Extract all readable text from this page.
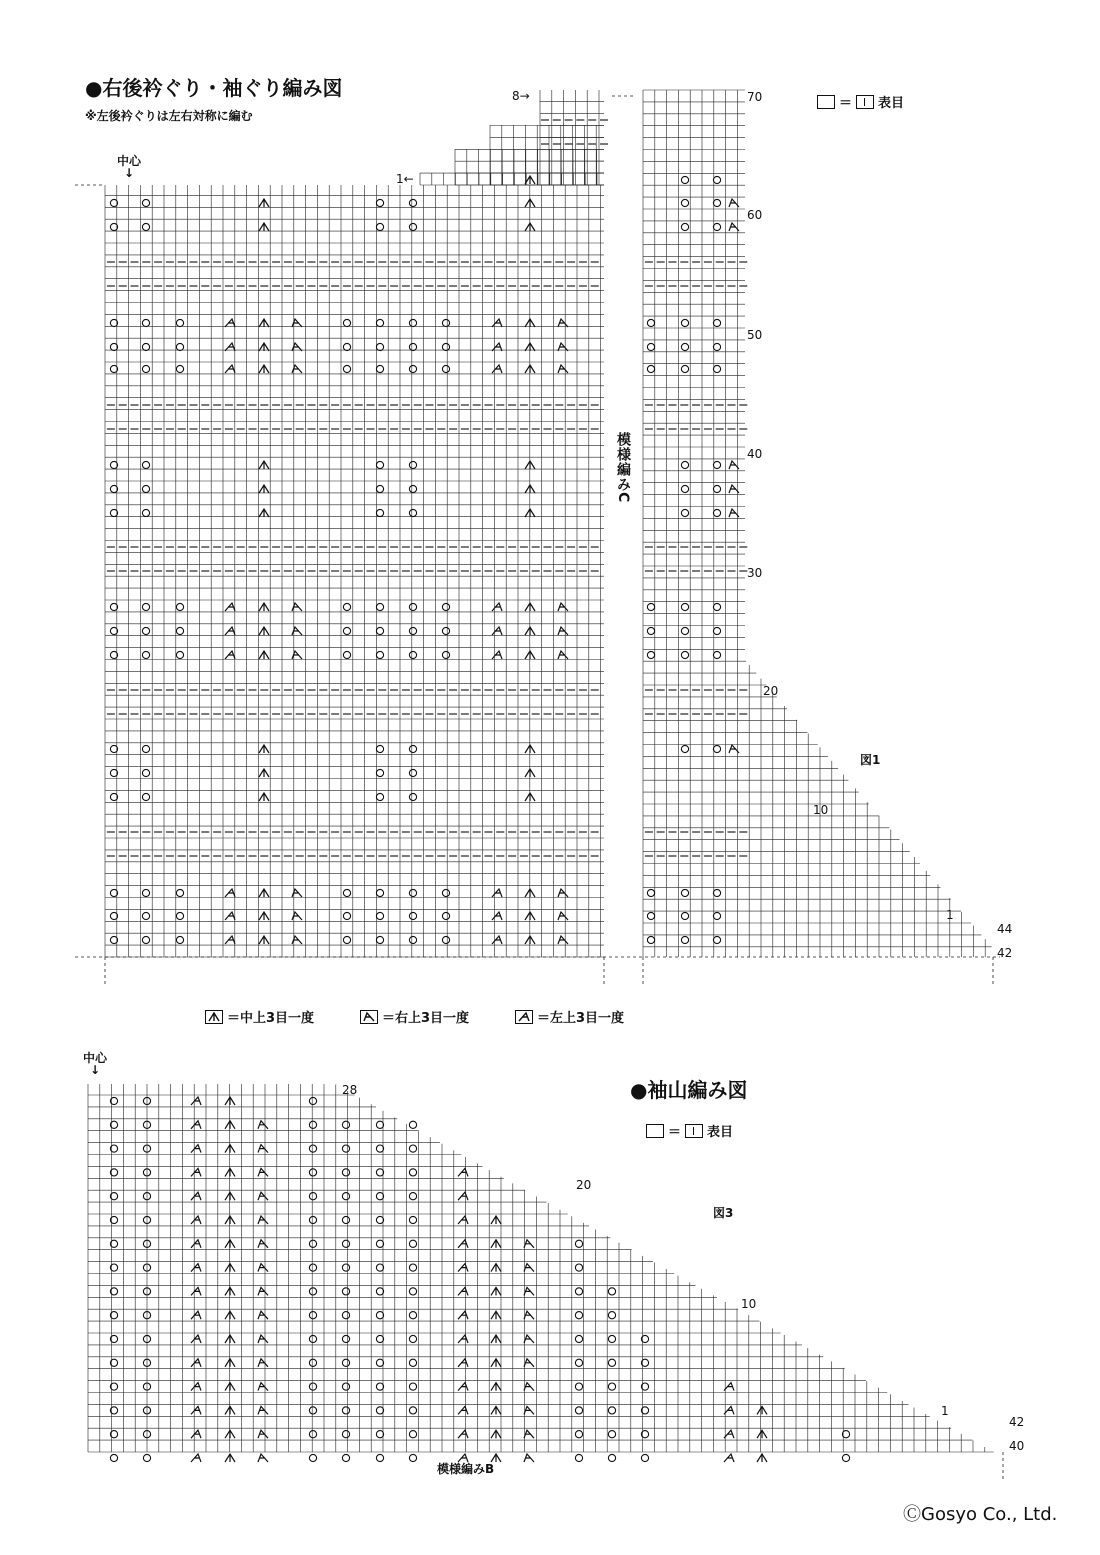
●右後衿ぐり・袖ぐり編み図
※左後衿ぐりは左右対称に編む
中心
↓
8→
1←
＝ 表目
70
60
50
40
30
20
10
1
44
42
図1
模様編みC
＝中上3目一度	＝右上3目一度	＝左上3目一度
中心
↓
●袖山編み図
＝ 表目
図3
28
20
10
1
42
40
模様編みB
ⒸGosyo Co., Ltd.
